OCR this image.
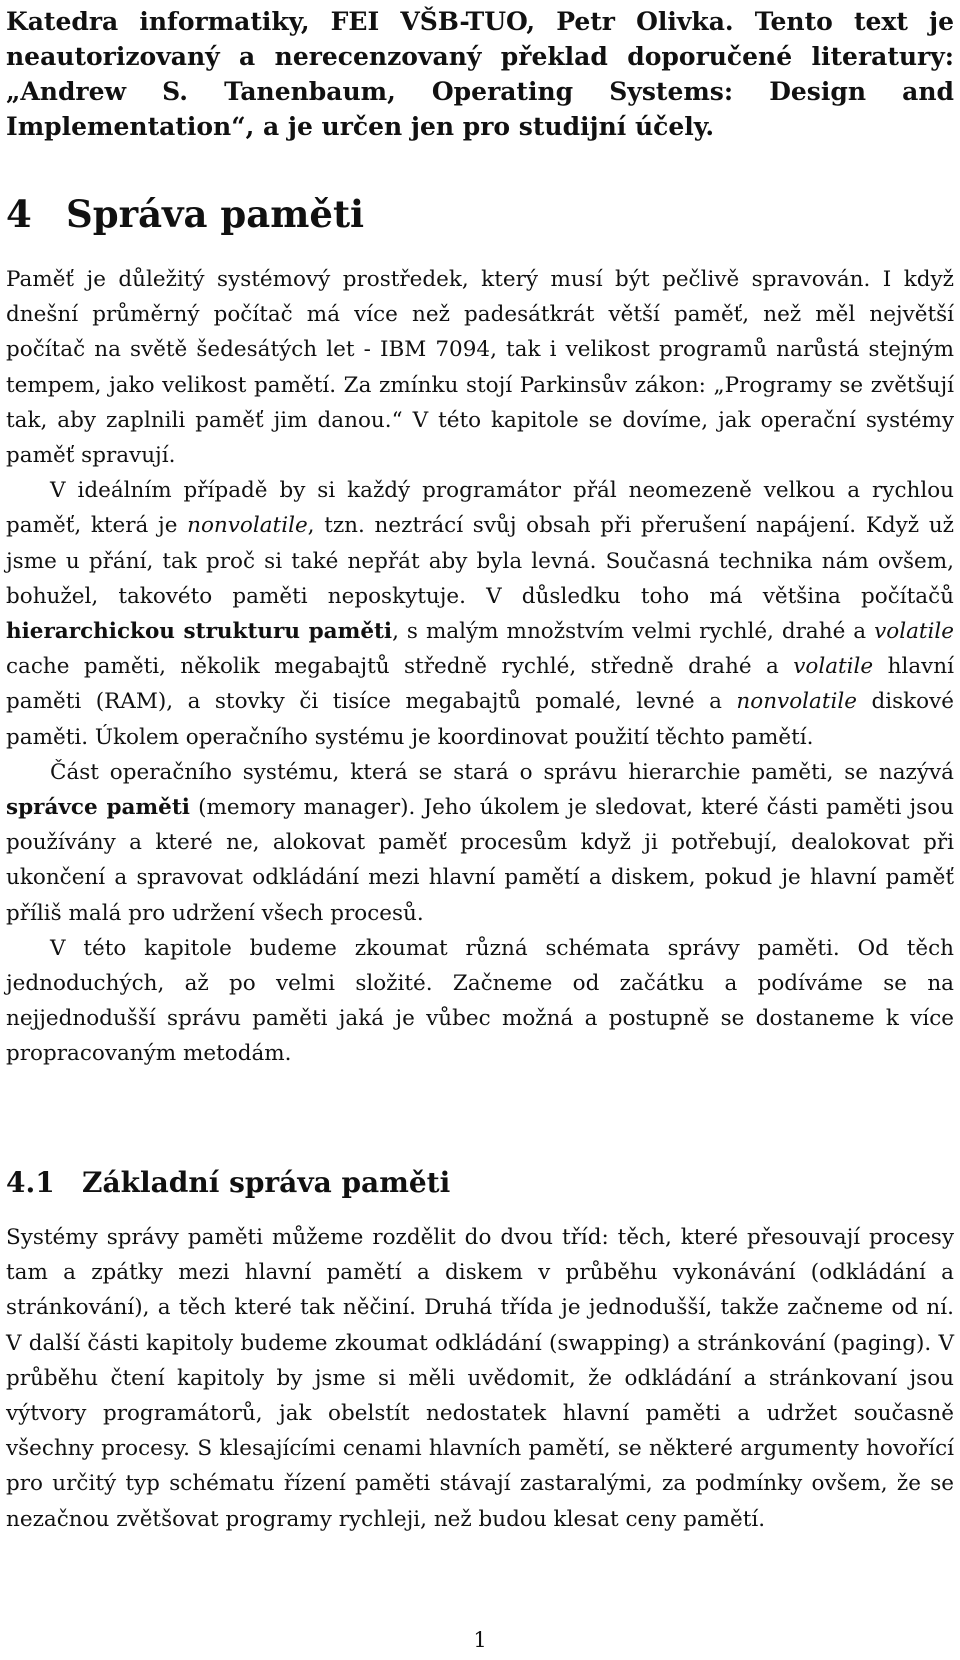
Katedra informatiky, FEI VŠB-TUO, Petr Olivka. Tento text je neautorizovaný a nerecenzovaný překlad doporučené literatury: „Andrew S. Tanenbaum, Operating Systems: Design and Implementation“, a je určen jen pro studijní účely.
4 Správa paměti

Paměť je důležitý systémový prostředek, který musí být pečlivě spravován. I když dnešní průměrný počítač má více než padesátkrát větší paměť, než měl největší počítač na světě šedesátých let - IBM 7094, tak i velikost programů narůstá stejným tempem, jako velikost pamětí. Za zmínku stojí Parkinsův zákon: „Programy se zvětšují tak, aby zaplnili paměť jim danou.“ V této kapitole se dovíme, jak operační systémy paměť spravují.

V ideálním případě by si každý programátor přál neomezeně velkou a rychlou paměť, která je nonvolatile, tzn. neztrácí svůj obsah při přerušení napájení. Když už jsme u přání, tak proč si také nepřát aby byla levná. Současná technika nám ovšem, bohužel, takovéto paměti neposkytuje. V důsledku toho má většina počítačů hierarchickou strukturu paměti, s malým množstvím velmi rychlé, drahé a volatile cache paměti, několik megabajtů středně rychlé, středně drahé a volatile hlavní paměti (RAM), a stovky či tisíce megabajtů pomalé, levné a nonvolatile diskové paměti. Úkolem operačního systému je koordinovat použití těchto pamětí.

Část operačního systému, která se stará o správu hierarchie paměti, se nazývá správce paměti (memory manager). Jeho úkolem je sledovat, které části paměti jsou používány a které ne, alokovat paměť procesům když ji potřebují, dealokovat při ukončení a spravovat odkládání mezi hlavní pamětí a diskem, pokud je hlavní paměť příliš malá pro udržení všech procesů.

V této kapitole budeme zkoumat různá schémata správy paměti. Od těch jednoduchých, až po velmi složité. Začneme od začátku a podíváme se na nejjednodušší správu paměti jaká je vůbec možná a postupně se dostaneme k více propracovaným metodám.

4.1 Základní správa paměti

Systémy správy paměti můžeme rozdělit do dvou tříd: těch, které přesouvají procesy tam a zpátky mezi hlavní pamětí a diskem v průběhu vykonávání (odkládání a stránkování), a těch které tak něčiní. Druhá třída je jednodušší, takže začneme od ní. V další části kapitoly budeme zkoumat odkládání (swapping) a stránkování (paging). V průběhu čtení kapitoly by jsme si měli uvědomit, že odkládání a stránkovaní jsou výtvory programátorů, jak obelstít nedostatek hlavní paměti a udržet současně všechny procesy. S klesajícími cenami hlavních pamětí, se některé argumenty hovořící pro určitý typ schématu řízení paměti stávají zastaralými, za podmínky ovšem, že se nezačnou zvětšovat programy rychleji, než budou klesat ceny pamětí.

1
